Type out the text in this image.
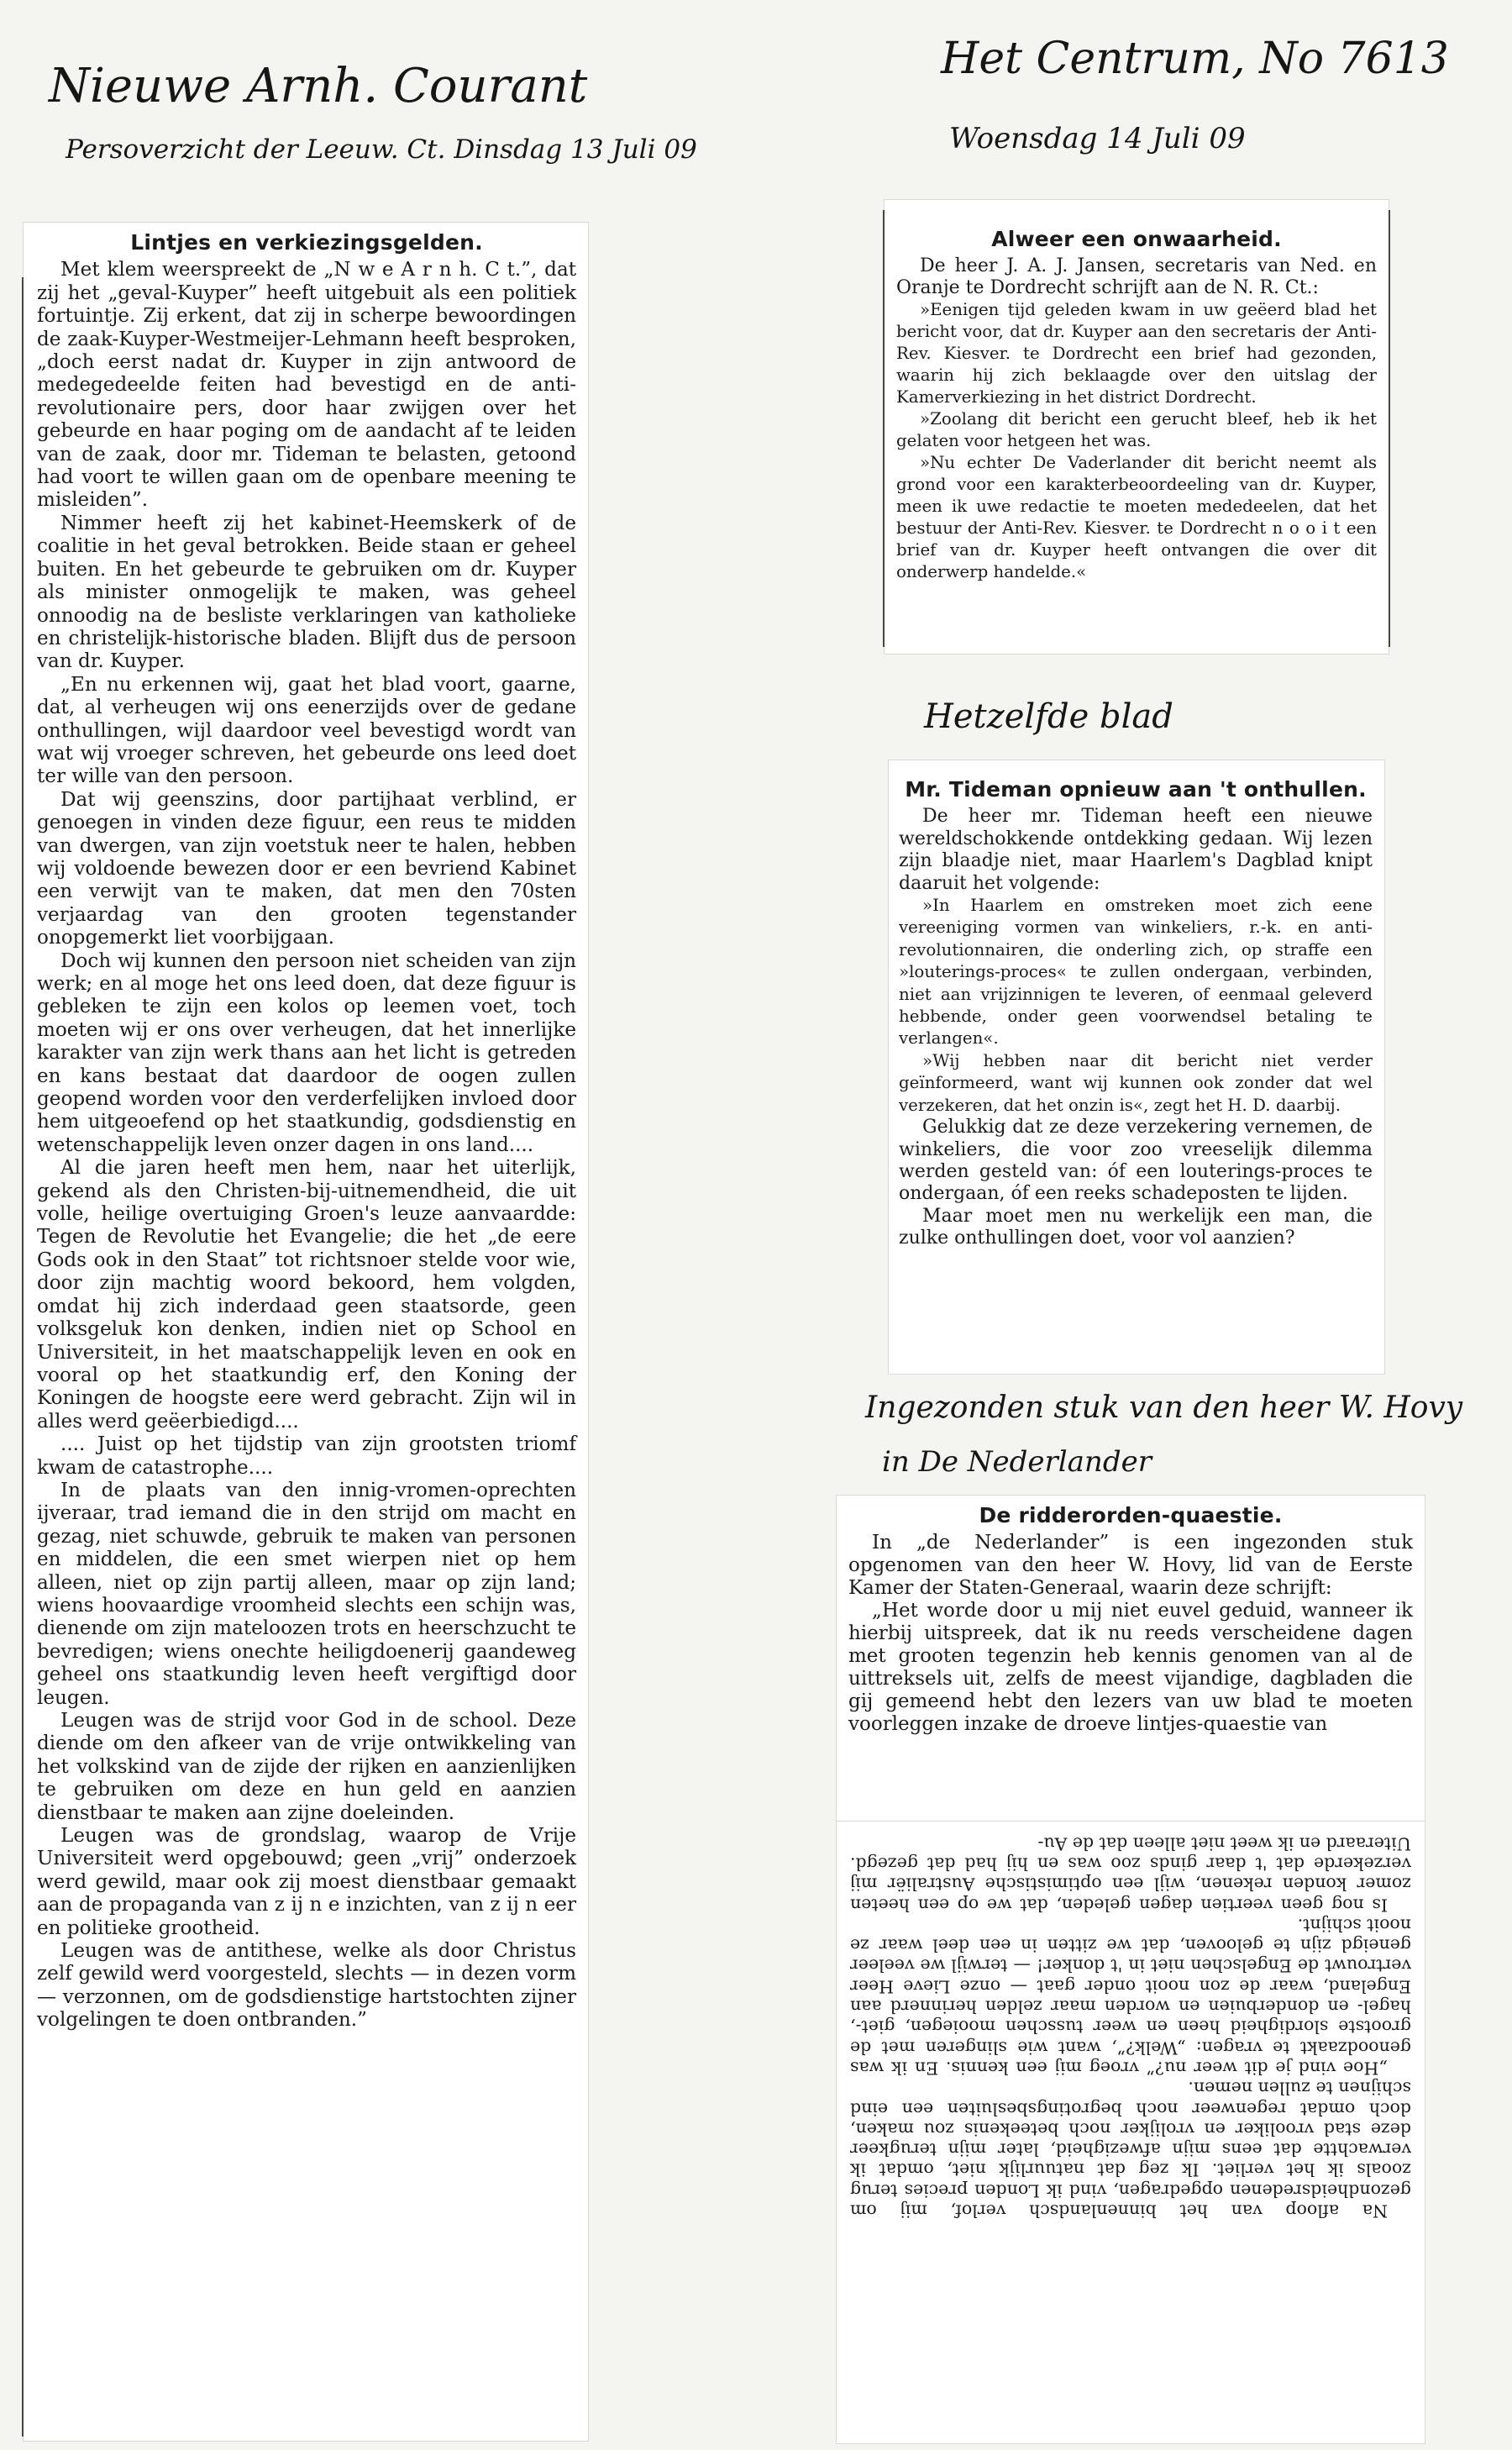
Nieuwe Arnh. Courant
Persoverzicht der Leeuw. Ct. Dinsdag 13 Juli 09
Het Centrum, No 7613
Woensdag 14 Juli 09
Hetzelfde blad
Ingezonden stuk van den heer W. Hovy
in De Nederlander
Lintjes en verkiezingsgelden.

Met klem weerspreekt de „N w e A r n h. C t.”, dat zij het „geval-Kuyper” heeft uitgebuit als een politiek fortuintje. Zij erkent, dat zij in scherpe bewoordingen de zaak-Kuyper-Westmeijer-Lehmann heeft besproken, „doch eerst nadat dr. Kuyper in zijn antwoord de medegedeelde feiten had bevestigd en de anti-revolutionaire pers, door haar zwijgen over het gebeurde en haar poging om de aandacht af te leiden van de zaak, door mr. Tideman te belasten, getoond had voort te willen gaan om de openbare meening te misleiden”.

Nimmer heeft zij het kabinet-Heemskerk of de coalitie in het geval betrokken. Beide staan er geheel buiten. En het gebeurde te gebruiken om dr. Kuyper als minister onmogelijk te maken, was geheel onnoodig na de besliste verklaringen van katholieke en christelijk-historische bladen. Blijft dus de persoon van dr. Kuyper.

„En nu erkennen wij, gaat het blad voort, gaarne, dat, al verheugen wij ons eenerzijds over de gedane onthullingen, wijl daardoor veel bevestigd wordt van wat wij vroeger schreven, het gebeurde ons leed doet ter wille van den persoon.

Dat wij geenszins, door partijhaat verblind, er genoegen in vinden deze figuur, een reus te midden van dwergen, van zijn voetstuk neer te halen, hebben wij voldoende bewezen door er een bevriend Kabinet een verwijt van te maken, dat men den 70sten verjaardag van den grooten tegenstander onopgemerkt liet voorbijgaan.

Doch wij kunnen den persoon niet scheiden van zijn werk; en al moge het ons leed doen, dat deze figuur is gebleken te zijn een kolos op leemen voet, toch moeten wij er ons over verheugen, dat het innerlijke karakter van zijn werk thans aan het licht is getreden en kans bestaat dat daardoor de oogen zullen geopend worden voor den verderfelijken invloed door hem uitgeoefend op het staatkundig, godsdienstig en wetenschappelijk leven onzer dagen in ons land....

Al die jaren heeft men hem, naar het uiterlijk, gekend als den Christen-bij-uitnemendheid, die uit volle, heilige overtuiging Groen's leuze aanvaardde: Tegen de Revolutie het Evangelie; die het „de eere Gods ook in den Staat” tot richtsnoer stelde voor wie, door zijn machtig woord bekoord, hem volgden, omdat hij zich inderdaad geen staatsorde, geen volksgeluk kon denken, indien niet op School en Universiteit, in het maatschappelijk leven en ook en vooral op het staatkundig erf, den Koning der Koningen de hoogste eere werd gebracht. Zijn wil in alles werd geëerbiedigd....

.... Juist op het tijdstip van zijn grootsten triomf kwam de catastrophe....

In de plaats van den innig-vromen-oprechten ijveraar, trad iemand die in den strijd om macht en gezag, niet schuwde, gebruik te maken van personen en middelen, die een smet wierpen niet op hem alleen, niet op zijn partij alleen, maar op zijn land; wiens hoovaardige vroomheid slechts een schijn was, dienende om zijn mateloozen trots en heerschzucht te bevredigen; wiens onechte heiligdoenerij gaandeweg geheel ons staatkundig leven heeft vergiftigd door leugen.

Leugen was de strijd voor God in de school. Deze diende om den afkeer van de vrije ontwikkeling van het volkskind van de zijde der rijken en aanzienlijken te gebruiken om deze en hun geld en aanzien dienstbaar te maken aan zijne doeleinden.

Leugen was de grondslag, waarop de Vrije Universiteit werd opgebouwd; geen „vrij” onderzoek werd gewild, maar ook zij moest dienstbaar gemaakt aan de propaganda van z ij n e inzichten, van z ij n eer en politieke grootheid.

Leugen was de antithese, welke als door Christus zelf gewild werd voorgesteld, slechts — in dezen vorm — verzonnen, om de godsdienstige hartstochten zijner volgelingen te doen ontbranden.”

Alweer een onwaarheid.

De heer J. A. J. Jansen, secretaris van Ned. en Oranje te Dordrecht schrijft aan de N. R. Ct.:

»Eenigen tijd geleden kwam in uw geëerd blad het bericht voor, dat dr. Kuyper aan den secretaris der Anti-Rev. Kiesver. te Dordrecht een brief had gezonden, waarin hij zich beklaagde over den uitslag der Kamerverkiezing in het district Dordrecht.

»Zoolang dit bericht een gerucht bleef, heb ik het gelaten voor hetgeen het was.

»Nu echter De Vaderlander dit bericht neemt als grond voor een karakterbeoordeeling van dr. Kuyper, meen ik uwe redactie te moeten mededeelen, dat het bestuur der Anti-Rev. Kiesver. te Dordrecht n o o i t een brief van dr. Kuyper heeft ontvangen die over dit onderwerp handelde.«

Mr. Tideman opnieuw aan 't onthullen.

De heer mr. Tideman heeft een nieuwe wereldschokkende ontdekking gedaan. Wij lezen zijn blaadje niet, maar Haarlem's Dagblad knipt daaruit het volgende:

»In Haarlem en omstreken moet zich eene vereeniging vormen van winkeliers, r.-k. en anti-revolutionnairen, die onderling zich, op straffe een »louterings-proces« te zullen ondergaan, verbinden, niet aan vrijzinnigen te leveren, of eenmaal geleverd hebbende, onder geen voorwendsel betaling te verlangen«.

»Wij hebben naar dit bericht niet verder geïnformeerd, want wij kunnen ook zonder dat wel verzekeren, dat het onzin is«, zegt het H. D. daarbij.

Gelukkig dat ze deze verzekering vernemen, de winkeliers, die voor zoo vreeselijk dilemma werden gesteld van: óf een louterings-proces te ondergaan, óf een reeks schadeposten te lijden.

Maar moet men nu werkelijk een man, die zulke onthullingen doet, voor vol aanzien?

De ridderorden-quaestie.

In „de Nederlander” is een ingezonden stuk opgenomen van den heer W. Hovy, lid van de Eerste Kamer der Staten-Generaal, waarin deze schrijft:

„Het worde door u mij niet euvel geduid, wanneer ik hierbij uitspreek, dat ik nu reeds verscheidene dagen met grooten tegenzin heb kennis genomen van al de uittreksels uit, zelfs de meest vijandige, dagbladen die gij gemeend hebt den lezers van uw blad te moeten voorleggen inzake de droeve lintjes-quaestie van

Na afloop van het binnenlandsch verlof, mij om gezondheidsredenen opgedragen, vind ik Londen precies terug zooals ik het verliet. Ik zeg dat natuurlijk niet, omdat ik verwachtte dat eens mijn afwezigheid, later mijn terugkeer deze stad vrooliker en vrolijker noch beteekenis zou maken, doch omdat regenweer noch begrotingsbesluiten een eind schijnen te zullen nemen.

„Hoe vind je dit weer nu?” vroeg mij een kennis. En ik was genoodzaakt te vragen: „Welk?”, want wie slingeren met de grootste slordigheid heen en weer tusschen mooiegen, giet-, hagel- en donderbuien en worden maar zelden herinnerd aan Engeland, waar de zon nooit onder gaat — onze Lieve Heer vertrouwt de Engelschen niet in 't donker! — terwijl we veeleer geneigd zijn te gelooven, dat we zitten in een deel waar ze nooit schijnt.

Is nog geen veertien dagen geleden, dat we op een heeten zomer konden rekenen, wijl een optimistische Australiër mij verzekerde dat 't daar ginds zoo was en hij had dat gezegd. Uiteraard en ik weet niet alleen dat de Au-
